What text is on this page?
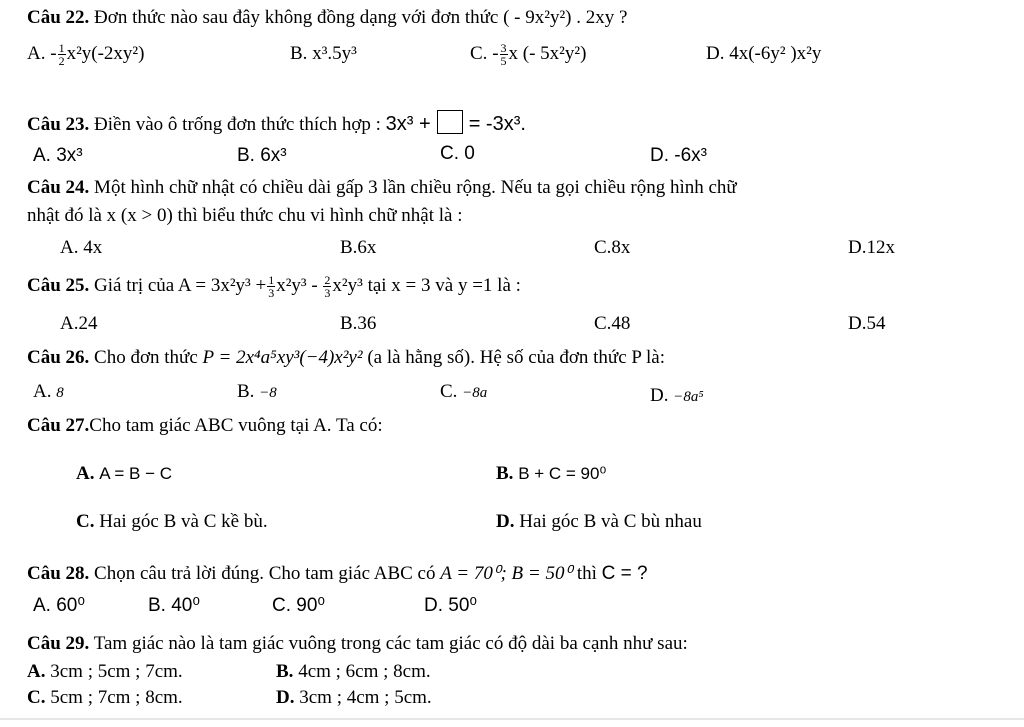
Câu 22. Đơn thức nào sau đây không đồng dạng với đơn thức ( - 9x²y²) . 2xy ?
A. - $\frac{1}{2} x^2y(-2xy^2)$	B. x³.5y³	C. - $\frac{3}{5}$ x (- 5x²y²)	D. 4x(-6y² )x²y
Câu 23. Điền vào ô trống đơn thức thích hợp : 3x³ + = -3x³.
A. 3x³	B. 6x³	C. 0	D. -6x³
Câu 24. Một hình chữ nhật có chiều dài gấp 3 lần chiều rộng. Nếu ta gọi chiều rộng hình chữ
nhật đó là x (x > 0) thì biểu thức chu vi hình chữ nhật là :
A. 4x	B.6x	C.8x	D.12x
Câu 25. Giá trị của $A = 3x^2y^3 + \frac{1}{3} x^2y^3 - \frac{2}{3} x^2y^3$ tại x = 3 và y =1 là :
A.24	B.36	C.48	D.54
Câu 26. Cho đơn thức P = 2x⁴a⁵xy³(−4)x²y² (a là hằng số). Hệ số của đơn thức P là:
A. 8	B. −8	C. −8a	D. −8a⁵
Câu 27.Cho tam giác ABC vuông tại A. Ta có:
A. A = B − C	B. B + C = 90⁰
C. Hai góc B và C kề bù.	D. Hai góc B và C bù nhau
Câu 28. Chọn câu trả lời đúng. Cho tam giác ABC có A = 70⁰; B = 50⁰ thì C = ?
A. 60⁰	B. 40⁰	C. 90⁰	D. 50⁰
Câu 29. Tam giác nào là tam giác vuông trong các tam giác có độ dài ba cạnh như sau:
A. 3cm ; 5cm ; 7cm.	B. 4cm ; 6cm ; 8cm.
C. 5cm ; 7cm ; 8cm.	D. 3cm ; 4cm ; 5cm.
